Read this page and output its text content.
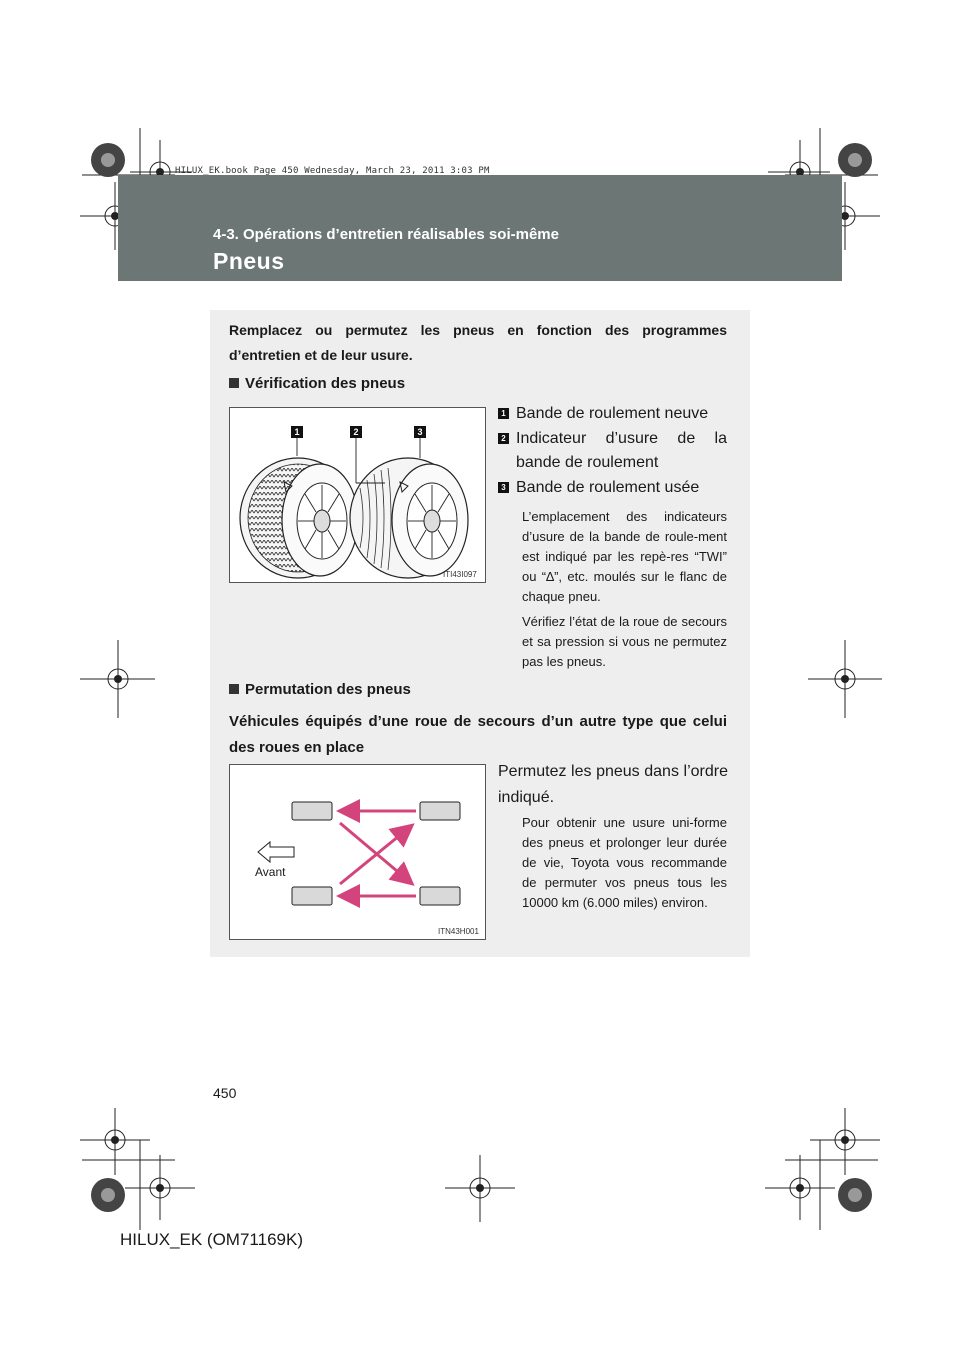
HILUX_EK.book Page 450 Wednesday, March 23, 2011 3:03 PM
4-3. Opérations d’entretien réalisables soi-même
Pneus
Remplacez ou permutez les pneus en fonction des programmes d’entretien et de leur usure.
Vérification des pneus
1	2	3
ITI43I097
1 Bande de roulement neuve
2 Indicateur d’usure de la bande de roulement
3 Bande de roulement usée
L’emplacement des indicateurs d’usure de la bande de roule-ment est indiqué par les repè-res “TWI” ou “∆”, etc. moulés sur le flanc de chaque pneu.
Vérifiez l’état de la roue de secours et sa pression si vous ne permutez pas les pneus.
Permutation des pneus
Véhicules équipés d’une roue de secours d’un autre type que celui des roues en place
Avant
ITN43H001
Permutez les pneus dans l’ordre indiqué.
Pour obtenir une usure uni-forme des pneus et prolonger leur durée de vie, Toyota vous recommande de permuter vos pneus tous les 10000 km (6.000 miles) environ.
450
HILUX_EK (OM71169K)
